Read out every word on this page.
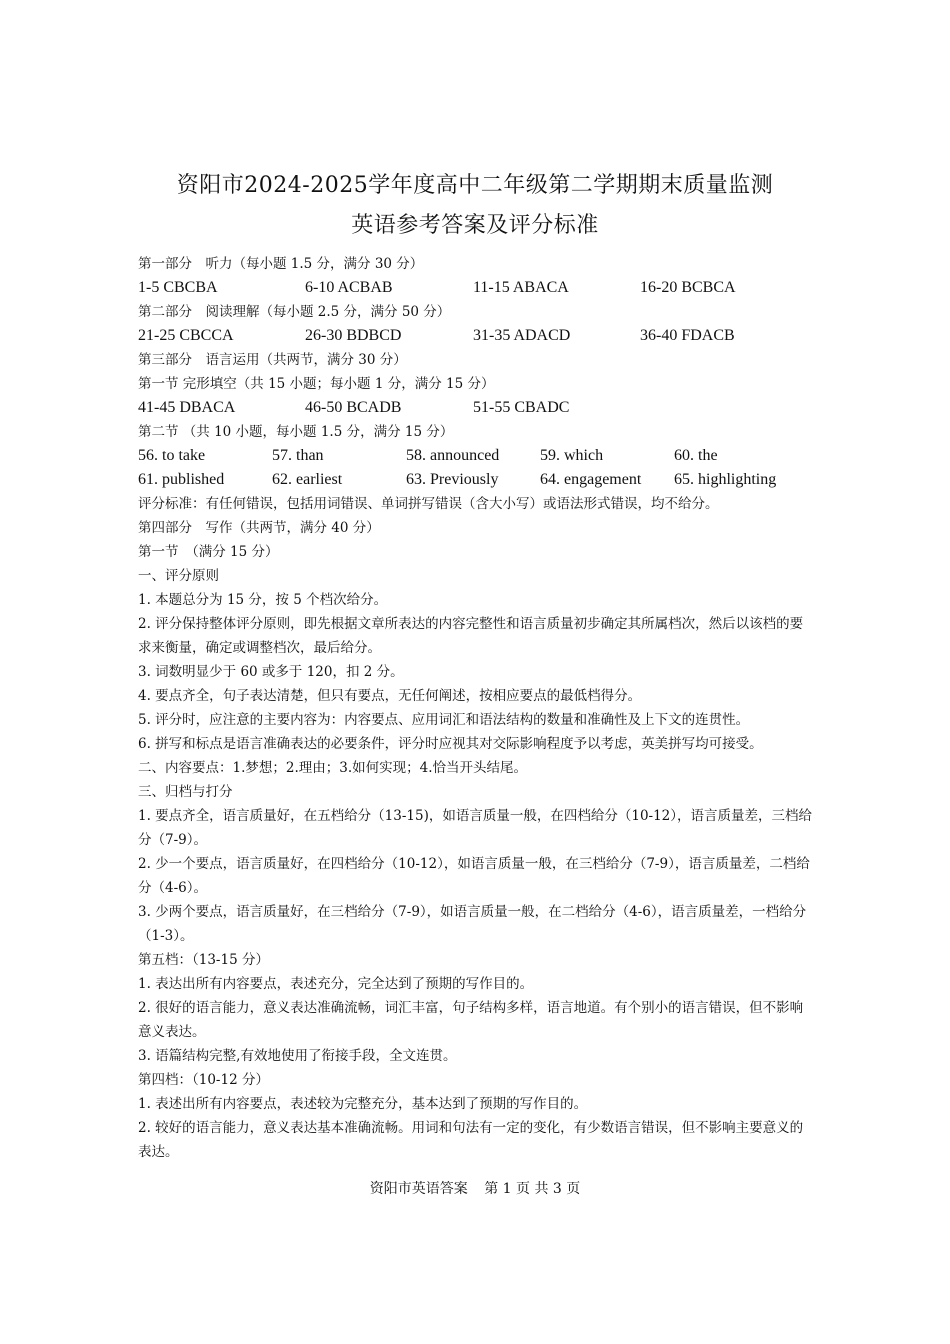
资阳市2024-2025学年度高中二年级第二学期期末质量监测
英语参考答案及评分标准
第一部分　听力（每小题 1.5 分，满分 30 分）
1-5 CBCBA	6-10 ACBAB	11-15 ABACA	16-20 BCBCA
第二部分　阅读理解（每小题 2.5 分，满分 50 分）
21-25 CBCCA	26-30 BDBCD	31-35 ADACD	36-40 FDACB
第三部分　语言运用（共两节，满分 30 分）
第一节 完形填空（共 15 小题；每小题 1 分，满分 15 分）
41-45 DBACA	46-50 BCADB	51-55 CBADC
第二节 （共 10 小题，每小题 1.5 分，满分 15 分）
56. to take	57. than	58. announced	59. which	60. the
61. published	62. earliest	63. Previously	64. engagement 65. highlighting
评分标准：有任何错误，包括用词错误、单词拼写错误（含大小写）或语法形式错误，均不给分。
第四部分　写作（共两节，满分 40 分）
第一节　（满分 15 分）
一、评分原则
1. 本题总分为 15 分，按 5 个档次给分。
2. 评分保持整体评分原则，即先根据文章所表达的内容完整性和语言质量初步确定其所属档次，然后以该档的要求来衡量，确定或调整档次，最后给分。
3. 词数明显少于 60 或多于 120，扣 2 分。
4. 要点齐全，句子表达清楚，但只有要点，无任何阐述，按相应要点的最低档得分。
5. 评分时，应注意的主要内容为：内容要点、应用词汇和语法结构的数量和准确性及上下文的连贯性。
6. 拼写和标点是语言准确表达的必要条件，评分时应视其对交际影响程度予以考虑，英美拼写均可接受。
二、内容要点：1.梦想；2.理由；3.如何实现；4.恰当开头结尾。
三、归档与打分
1. 要点齐全，语言质量好，在五档给分（13-15)，如语言质量一般，在四档给分（10-12），语言质量差，三档给分（7-9）。
2. 少一个要点，语言质量好，在四档给分（10-12），如语言质量一般，在三档给分（7-9），语言质量差，二档给分（4-6）。
3. 少两个要点，语言质量好，在三档给分（7-9），如语言质量一般，在二档给分（4-6），语言质量差，一档给分（1-3）。
第五档：（13-15 分）
1. 表达出所有内容要点，表述充分，完全达到了预期的写作目的。
2. 很好的语言能力，意义表达准确流畅，词汇丰富，句子结构多样，语言地道。有个别小的语言错误，但不影响意义表达。
3. 语篇结构完整,有效地使用了衔接手段，全文连贯。
第四档：（10-12 分）
1. 表述出所有内容要点，表述较为完整充分，基本达到了预期的写作目的。
2. 较好的语言能力，意义表达基本准确流畅。用词和句法有一定的变化，有少数语言错误，但不影响主要意义的表达。
资阳市英语答案 第 1 页 共 3 页
